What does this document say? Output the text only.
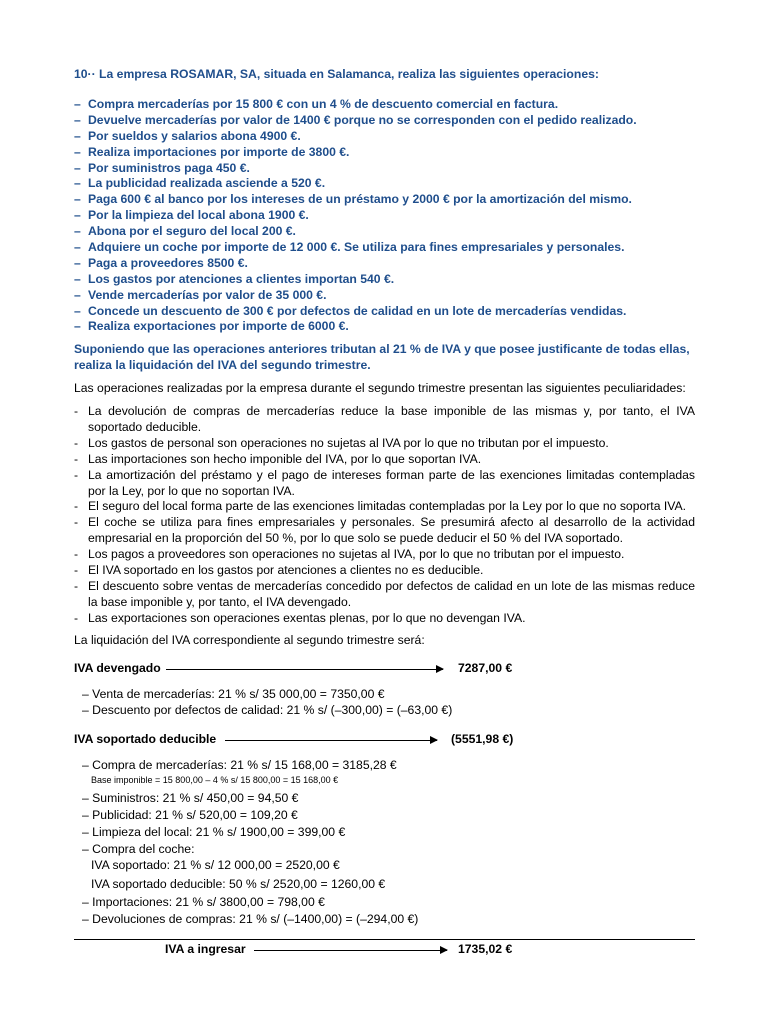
10·· La empresa ROSAMAR, SA, situada en Salamanca, realiza las siguientes operaciones:
– Compra mercaderías por 15 800 € con un 4 % de descuento comercial en factura.
– Devuelve mercaderías por valor de 1400 € porque no se corresponden con el pedido realizado.
– Por sueldos y salarios abona 4900 €.
– Realiza importaciones por importe de 3800 €.
– Por suministros paga 450 €.
– La publicidad realizada asciende a 520 €.
– Paga 600 € al banco por los intereses de un préstamo y 2000 € por la amortización del mismo.
– Por la limpieza del local abona 1900 €.
– Abona por el seguro del local 200 €.
– Adquiere un coche por importe de 12 000 €. Se utiliza para fines empresariales y personales.
– Paga a proveedores 8500 €.
– Los gastos por atenciones a clientes importan 540 €.
– Vende mercaderías por valor de 35 000 €.
– Concede un descuento de 300 € por defectos de calidad en un lote de mercaderías vendidas.
– Realiza exportaciones por importe de 6000 €.
Suponiendo que las operaciones anteriores tributan al 21 % de IVA y que posee justificante de todas ellas, realiza la liquidación del IVA del segundo trimestre.
Las operaciones realizadas por la empresa durante el segundo trimestre presentan las siguientes peculiaridades:
- La devolución de compras de mercaderías reduce la base imponible de las mismas y, por tanto, el IVA soportado deducible.
- Los gastos de personal son operaciones no sujetas al IVA por lo que no tributan por el impuesto.
- Las importaciones son hecho imponible del IVA, por lo que soportan IVA.
- La amortización del préstamo y el pago de intereses forman parte de las exenciones limitadas contempladas por la Ley, por lo que no soportan IVA.
- El seguro del local forma parte de las exenciones limitadas contempladas por la Ley por lo que no soporta IVA.
- El coche se utiliza para fines empresariales y personales. Se presumirá afecto al desarrollo de la actividad empresarial en la proporción del 50 %, por lo que solo se puede deducir el 50 % del IVA soportado.
- Los pagos a proveedores son operaciones no sujetas al IVA, por lo que no tributan por el impuesto.
- El IVA soportado en los gastos por atenciones a clientes no es deducible.
- El descuento sobre ventas de mercaderías concedido por defectos de calidad en un lote de las mismas reduce la base imponible y, por tanto, el IVA devengado.
- Las exportaciones son operaciones exentas plenas, por lo que no devengan IVA.
La liquidación del IVA correspondiente al segundo trimestre será:
IVA devengado	7287,00 €
– Venta de mercaderías: 21 % s/ 35 000,00 = 7350,00 €
– Descuento por defectos de calidad: 21 % s/ (–300,00) = (–63,00 €)
IVA soportado deducible	(5551,98 €)
– Compra de mercaderías: 21 % s/ 15 168,00 = 3185,28 €
Base imponible = 15 800,00 – 4 % s/ 15 800,00 = 15 168,00 €
– Suministros: 21 % s/ 450,00 = 94,50 €
– Publicidad: 21 % s/ 520,00 = 109,20 €
– Limpieza del local: 21 % s/ 1900,00 = 399,00 €
– Compra del coche:
IVA soportado: 21 % s/ 12 000,00 = 2520,00 €
IVA soportado deducible: 50 % s/ 2520,00 = 1260,00 €
– Importaciones: 21 % s/ 3800,00 = 798,00 €
– Devoluciones de compras: 21 % s/ (–1400,00) = (–294,00 €)
IVA a ingresar	1735,02 €
